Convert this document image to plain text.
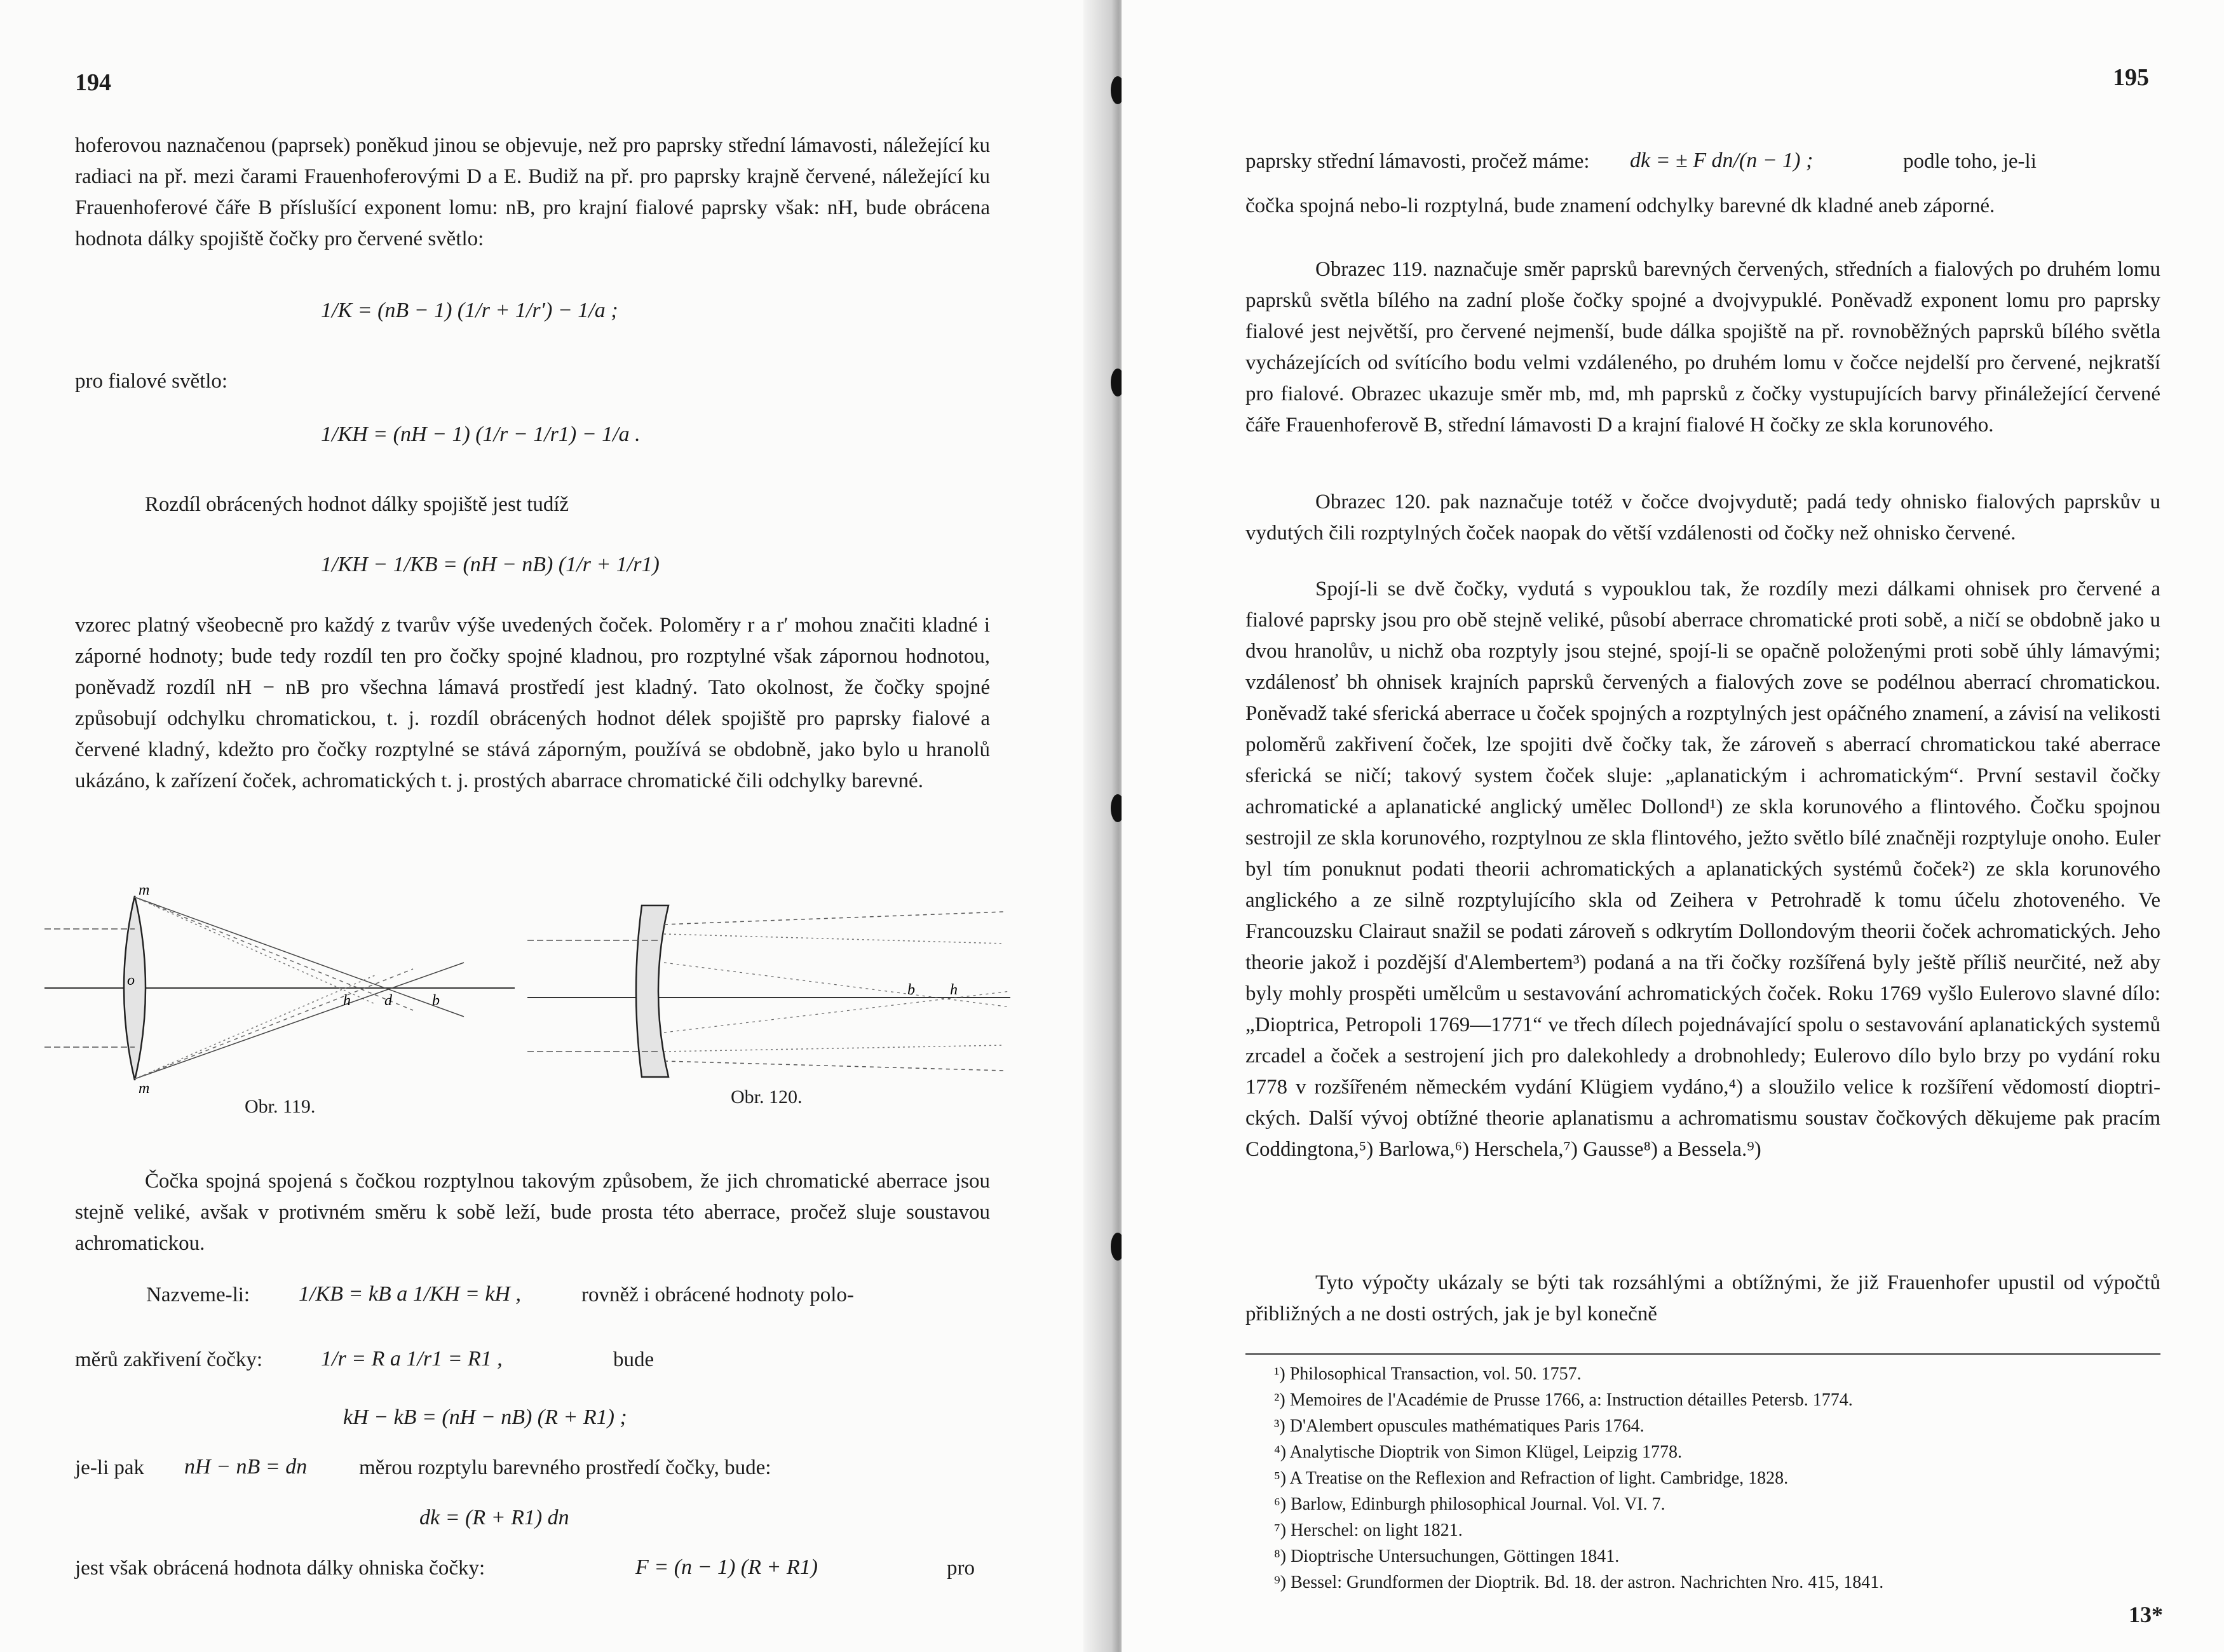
194

hoferovou naznačenou (paprsek) poněkud jinou se objevuje, než pro paprsky střední lámavosti, náležející ku radiaci na př. mezi čarami Frauenhoferovými D a E. Budiž na př. pro paprsky krajně červené, náležející ku Frauenhoferové čáře B příslušící exponent lomu: nB, pro krajní fialové paprsky však: nH, bude obrácena hodnota dálky spojiště čočky pro červené světlo:

1/K = (nB − 1) (1/r + 1/r′) − 1/a ;
pro fialové světlo:
1/KH = (nH − 1) (1/r − 1/r1) − 1/a .

Rozdíl obrácených hodnot dálky spojiště jest tudíž

1/KH − 1/KB = (nH − nB) (1/r + 1/r1)

vzorec platný všeobecně pro každý z tvarův výše uvedených čoček. Poloměry r a r′ mohou značiti kladné i záporné hodnoty; bude tedy rozdíl ten pro čočky spojné kladnou, pro rozptylné však zápornou hodnotou, poněvadž rozdíl nH − nB pro všechna lámavá prostředí jest kladný. Tato okolnost, že čočky spojné způsobují odchylku chromatickou, t. j. rozdíl obrácených hodnot délek spojiště pro paprsky fialové a červené kladný, kdežto pro čočky rozptylné se stává záporným, používá se obdobně, jako bylo u hranolů ukázáno, k zařízení čoček, achromatických t. j. prostých abarrace chromatické čili odchylky barevné.

m
m
o
h d	b
Obr. 119.
b h
Obr. 120.

Čočka spojná spojená s čočkou rozptylnou takovým způsobem, že jich chromatické aberrace jsou stejně veliké, avšak v protivném směru k sobě leží, bude prosta této aberrace, pročež sluje soustavou achromatickou.

Nazveme-li: 1/KB = kB a 1/KH = kH ,	rovněž i obrácené hodnoty polo-
měrů zakřivení čočky:	1/r = R a 1/r1 = R1 ,	bude
kH − kB = (nH − nB) (R + R1) ;
je-li pak nH − nB = dn měrou rozptylu barevného prostředí čočky, bude:
dk = (R + R1) dn
jest však obrácená hodnota dálky ohniska čočky:	F = (n − 1) (R + R1)	pro
195
paprsky střední lámavosti, pročež máme: dk = ± F dn/(n − 1) ;	podle toho, je-li

čočka spojná nebo-li rozptylná, bude znamení odchylky barevné dk kladné aneb záporné.

Obrazec 119. naznačuje směr paprsků barevných červených, středních a fialových po druhém lomu paprsků světla bílého na zadní ploše čočky spojné a dvojvypuklé. Poněvadž exponent lomu pro paprsky fialové jest největší, pro červené nejmenší, bude dálka spojiště na př. rovnoběžných paprsků bílého světla vycházejících od svítícího bodu velmi vzdáleného, po druhém lomu v čočce nejdelší pro červené, nejkratší pro fialové. Obrazec ukazuje směr mb, md, mh paprsků z čočky vystupujících barvy přináležející červené čáře Frauenhoferově B, střední lámavosti D a krajní fialové H čočky ze skla korunového.

Obrazec 120. pak naznačuje totéž v čočce dvojvydutě; padá tedy ohnisko fialových paprskův u vydutých čili rozptylných čoček naopak do větší vzdálenosti od čočky než ohnisko červené.

Spojí-li se dvě čočky, vydutá s vypouklou tak, že rozdíly mezi dálkami ohnisek pro červené a fialové paprsky jsou pro obě stejně veliké, působí aberrace chromatické proti sobě, a ničí se obdobně jako u dvou hranolův, u nichž oba rozptyly jsou stejné, spojí-li se opačně položenými proti sobě úhly lámavými; vzdálenosť bh ohnisek krajních paprsků červených a fialových zove se podélnou aberrací chromatickou. Poněvadž také sferická aberrace u čoček spojných a rozptylných jest opáčného znamení, a závisí na velikosti poloměrů zakřivení čoček, lze spojiti dvě čočky tak, že zároveň s aberrací chromatickou také aberrace sferická se ničí; takový system čoček sluje: „aplanatickým i achromatickým“. První sestavil čočky achromatické a aplanatické anglický umělec Dollond¹) ze skla korunového a flintového. Čočku spojnou sestrojil ze skla korunového, rozptylnou ze skla flintového, ježto světlo bílé značněji rozptyluje onoho. Euler byl tím ponuknut podati theorii achromatických a aplanatických systémů čoček²) ze skla korunového anglického a ze silně rozptylujícího skla od Zeihera v Petrohradě k tomu účelu zhotoveného. Ve Francouzsku Clairaut snažil se podati zároveň s odkrytím Dollondovým theorii čoček achromatických. Jeho theorie jakož i pozdější d'Alembertem³) podaná a na tři čočky rozšířená byly ještě příliš neurčité, než aby byly mohly prospěti umělcům u sestavování achromatických čoček. Roku 1769 vyšlo Eulerovo slavné dílo: „Dioptrica, Petropoli 1769—1771“ ve třech dílech pojednávající spolu o sestavování aplanatických systemů zrcadel a čoček a sestrojení jich pro dalekohledy a drobnohledy; Eulerovo dílo bylo brzy po vydání roku 1778 v rozšířeném německém vydání Klügiem vydáno,⁴) a sloužilo velice k rozšíření vědomostí dioptri-ckých. Další vývoj obtížné theorie aplanatismu a achromatismu soustav čočkových děkujeme pak pracím Coddingtona,⁵) Barlowa,⁶) Herschela,⁷) Gausse⁸) a Bessela.⁹)

Tyto výpočty ukázaly se býti tak rozsáhlými a obtížnými, že již Frauenhofer upustil od výpočtů přibližných a ne dosti ostrých, jak je byl konečně

¹) Philosophical Transaction, vol. 50. 1757.
²) Memoires de l'Académie de Prusse 1766, a: Instruction détailles Petersb. 1774.
³) D'Alembert opuscules mathématiques Paris 1764.
⁴) Analytische Dioptrik von Simon Klügel, Leipzig 1778.
⁵) A Treatise on the Reflexion and Refraction of light. Cambridge, 1828.
⁶) Barlow, Edinburgh philosophical Journal. Vol. VI. 7.
⁷) Herschel: on light 1821.
⁸) Dioptrische Untersuchungen, Göttingen 1841.
⁹) Bessel: Grundformen der Dioptrik. Bd. 18. der astron. Nachrichten Nro. 415, 1841.
13*
